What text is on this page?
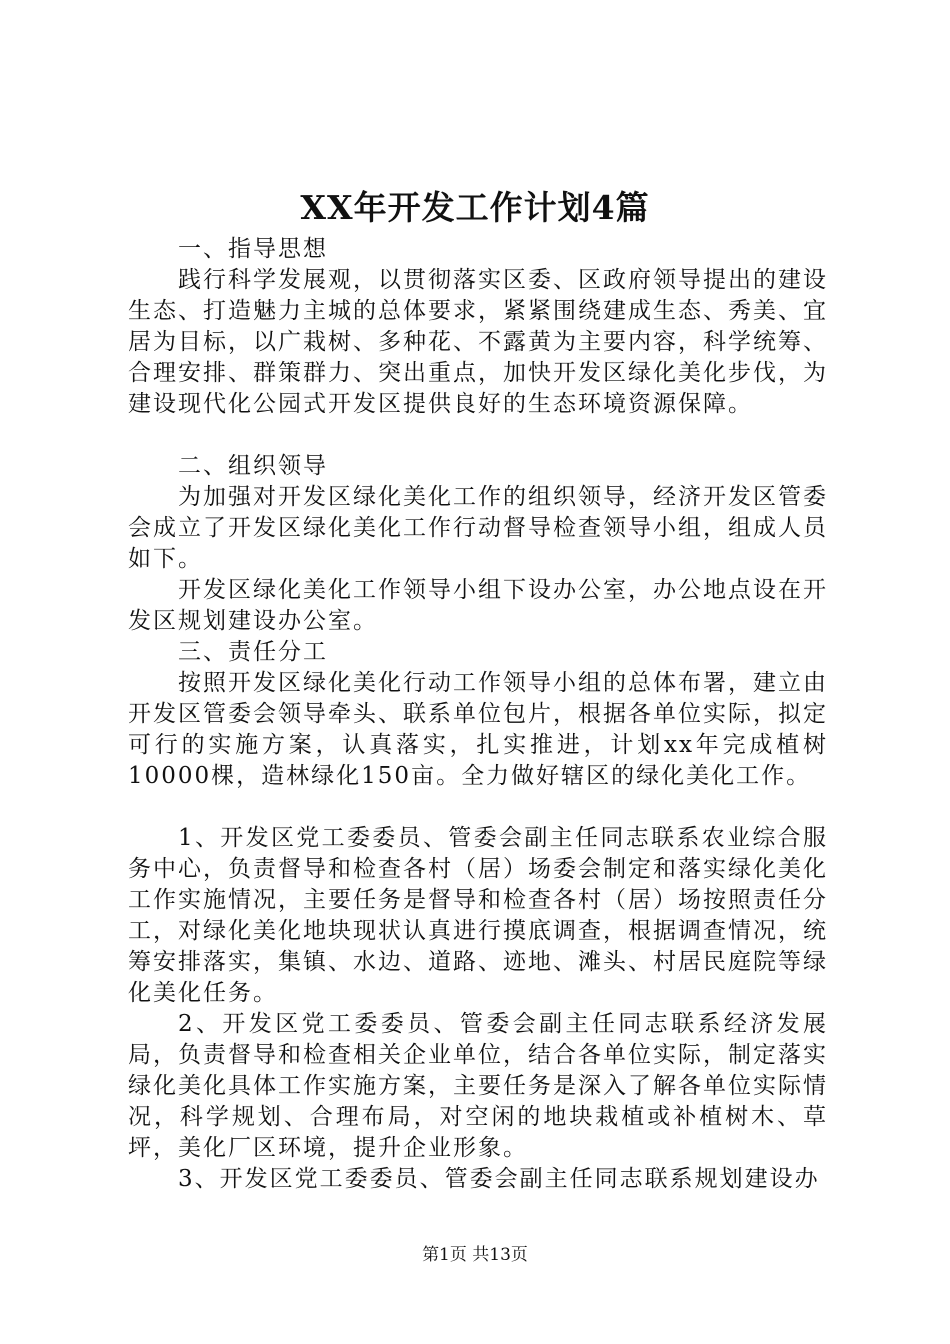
XX年开发工作计划4篇

一、指导思想

践行科学发展观，以贯彻落实区委、区政府领导提出的建设生态、打造魅力主城的总体要求，紧紧围绕建成生态、秀美、宜居为目标，以广栽树、多种花、不露黄为主要内容，科学统筹、合理安排、群策群力、突出重点，加快开发区绿化美化步伐，为建设现代化公园式开发区提供良好的生态环境资源保障。

二、组织领导

为加强对开发区绿化美化工作的组织领导，经济开发区管委会成立了开发区绿化美化工作行动督导检查领导小组，组成人员如下。

开发区绿化美化工作领导小组下设办公室，办公地点设在开发区规划建设办公室。

三、责任分工

按照开发区绿化美化行动工作领导小组的总体布署，建立由开发区管委会领导牵头、联系单位包片，根据各单位实际，拟定可行的实施方案，认真落实，扎实推进，计划xx年完成植树10000棵，造林绿化150亩。全力做好辖区的绿化美化工作。

1、开发区党工委委员、管委会副主任同志联系农业综合服务中心，负责督导和检查各村（居）场委会制定和落实绿化美化工作实施情况，主要任务是督导和检查各村（居）场按照责任分工，对绿化美化地块现状认真进行摸底调查，根据调查情况，统筹安排落实，集镇、水边、道路、迹地、滩头、村居民庭院等绿化美化任务。

2、开发区党工委委员、管委会副主任同志联系经济发展局，负责督导和检查相关企业单位，结合各单位实际，制定落实绿化美化具体工作实施方案，主要任务是深入了解各单位实际情况，科学规划、合理布局，对空闲的地块栽植或补植树木、草坪，美化厂区环境，提升企业形象。

3、开发区党工委委员、管委会副主任同志联系规划建设办

第1页 共13页
